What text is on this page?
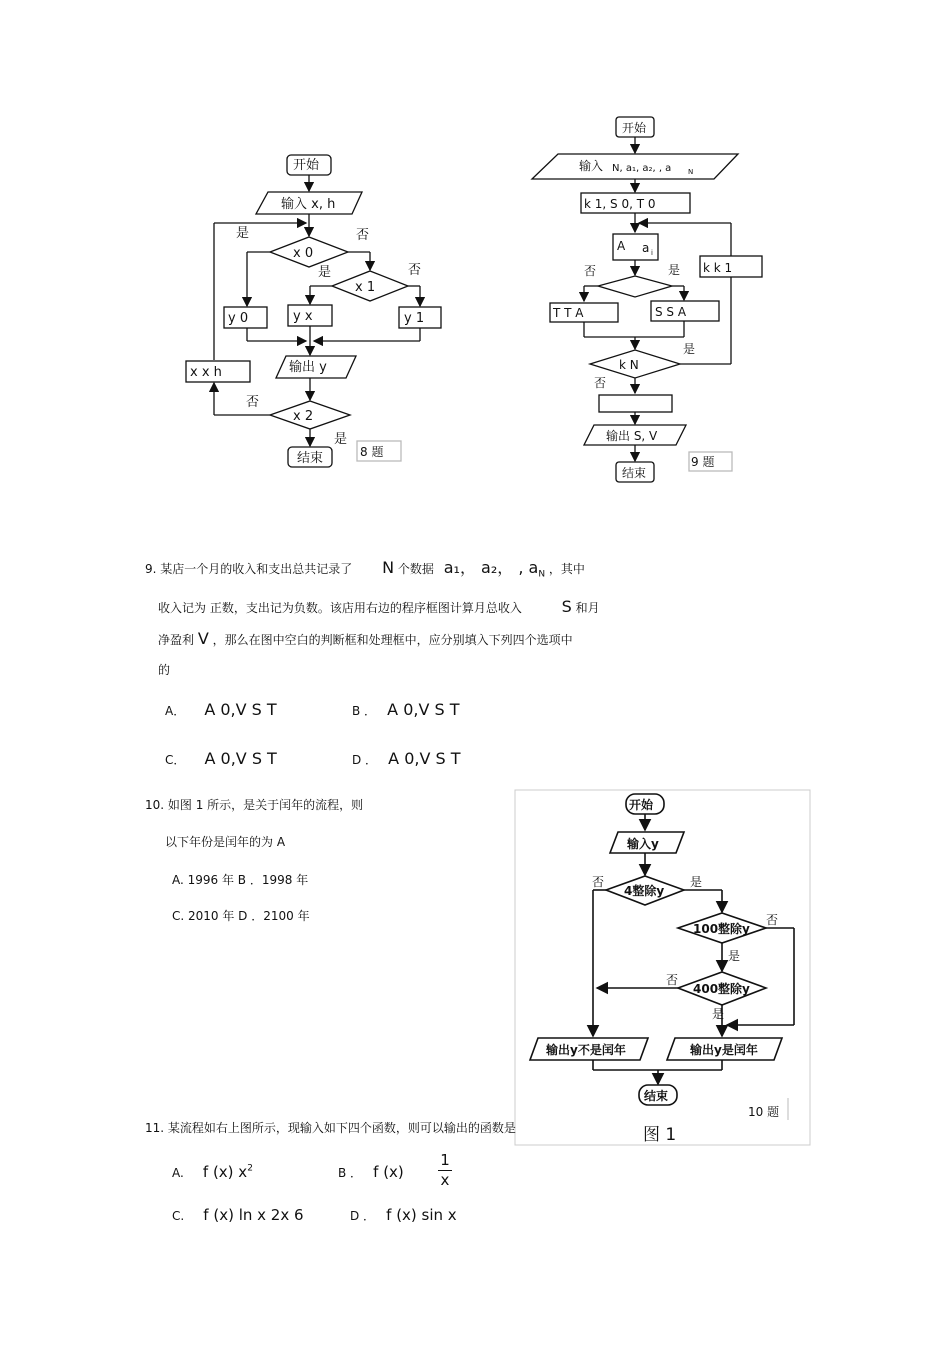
开始
输入 x, h
是	否
x 0
是	否
x 1
y 0	y x	y 1
x x h	输出 y
否
x 2
是
结束	8 题
开始
输入 N, a₁, a₂, , a N
k 1, S 0, T 0
A a i
否	是 k k 1
T T A	S S A
是
k N
否
输出 S, V
结束
9 题
9. 某店一个月的收入和支出总共记录了 N 个数据 a₁， a₂， , $a_N$ ，其中
收入记为 正数，支出记为负数。该店用右边的程序框图计算月总收入 S 和月
净盈利 V ，那么在图中空白的判断框和处理框中，应分别填入下列四个选项中
的
A． A 0,V S T	B ． A 0,V S T
C． A 0,V S T	D ． A 0,V S T
10. 如图 1 所示，是关于闰年的流程，则
以下年份是闰年的为 A
A. 1996 年 B ．1998 年
C. 2010 年 D ．2100 年
开始
输入y
否
4整除y
是
100整除y
否
是
否
400整除y
是
输出y不是闰年	输出y是闰年
结束
10 题
图 1
11. 某流程如右上图所示，现输入如下四个函数，则可以输出的函数是
A. f (x) $x^2$	B ． f $(x) \frac{1}{x}$
C. f (x) ln x 2x 6	D ． f (x) sin x
